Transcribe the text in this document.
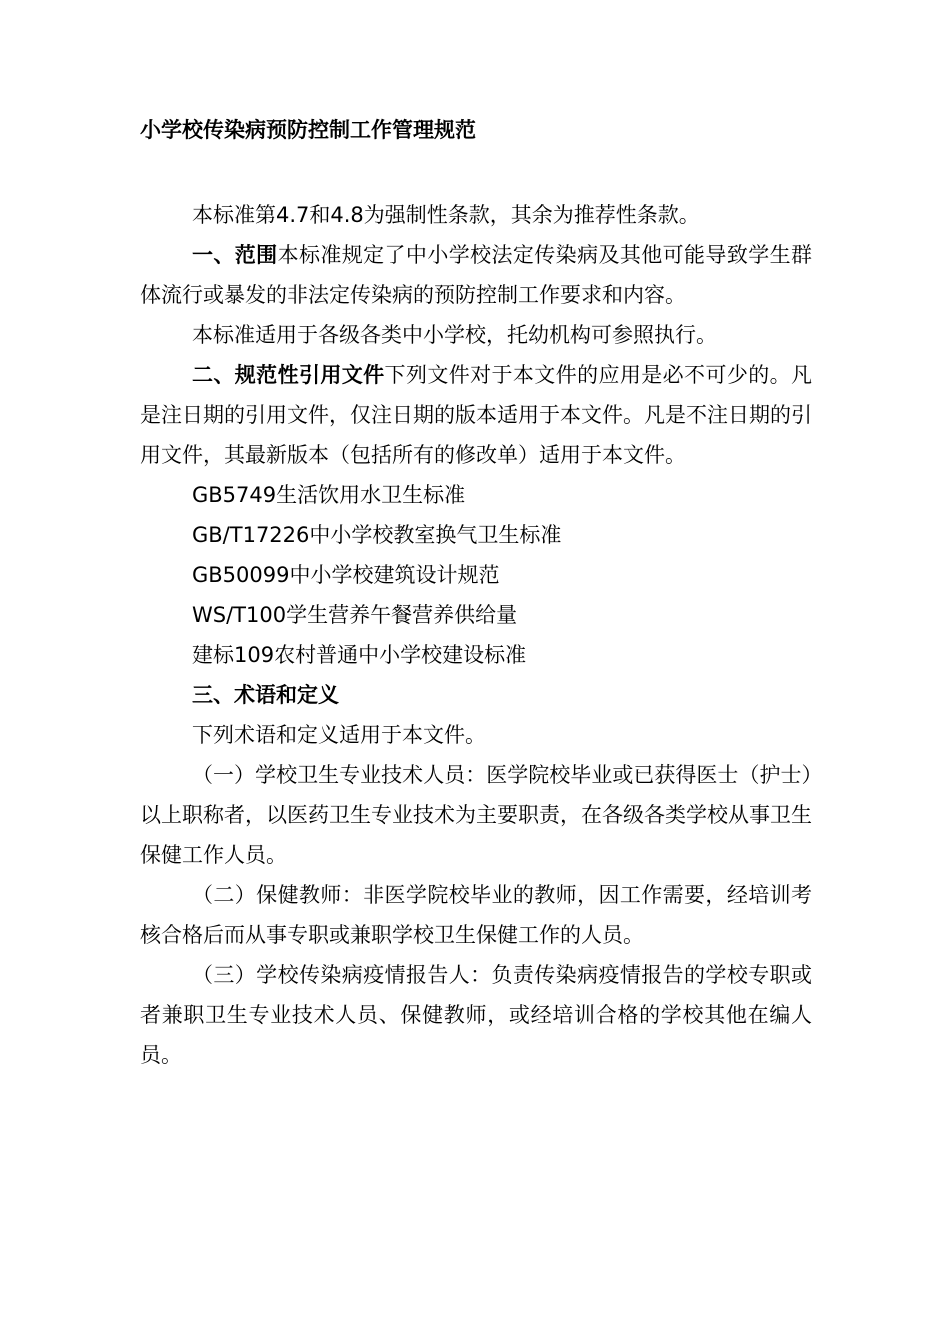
小学校传染病预防控制工作管理规范

本标准第4.7和4.8为强制性条款，其余为推荐性条款。

一、范围本标准规定了中小学校法定传染病及其他可能导致学生群体流行或暴发的非法定传染病的预防控制工作要求和内容。

本标准适用于各级各类中小学校，托幼机构可参照执行。

二、规范性引用文件下列文件对于本文件的应用是必不可少的。凡是注日期的引用文件，仅注日期的版本适用于本文件。凡是不注日期的引用文件，其最新版本（包括所有的修改单）适用于本文件。

GB5749生活饮用水卫生标准

GB/T17226中小学校教室换气卫生标准

GB50099中小学校建筑设计规范

WS/T100学生营养午餐营养供给量

建标109农村普通中小学校建设标准

三、术语和定义

下列术语和定义适用于本文件。

（一）学校卫生专业技术人员：医学院校毕业或已获得医士（护士）以上职称者，以医药卫生专业技术为主要职责，在各级各类学校从事卫生保健工作人员。

（二）保健教师：非医学院校毕业的教师，因工作需要，经培训考核合格后而从事专职或兼职学校卫生保健工作的人员。

（三）学校传染病疫情报告人：负责传染病疫情报告的学校专职或者兼职卫生专业技术人员、保健教师，或经培训合格的学校其他在编人员。
